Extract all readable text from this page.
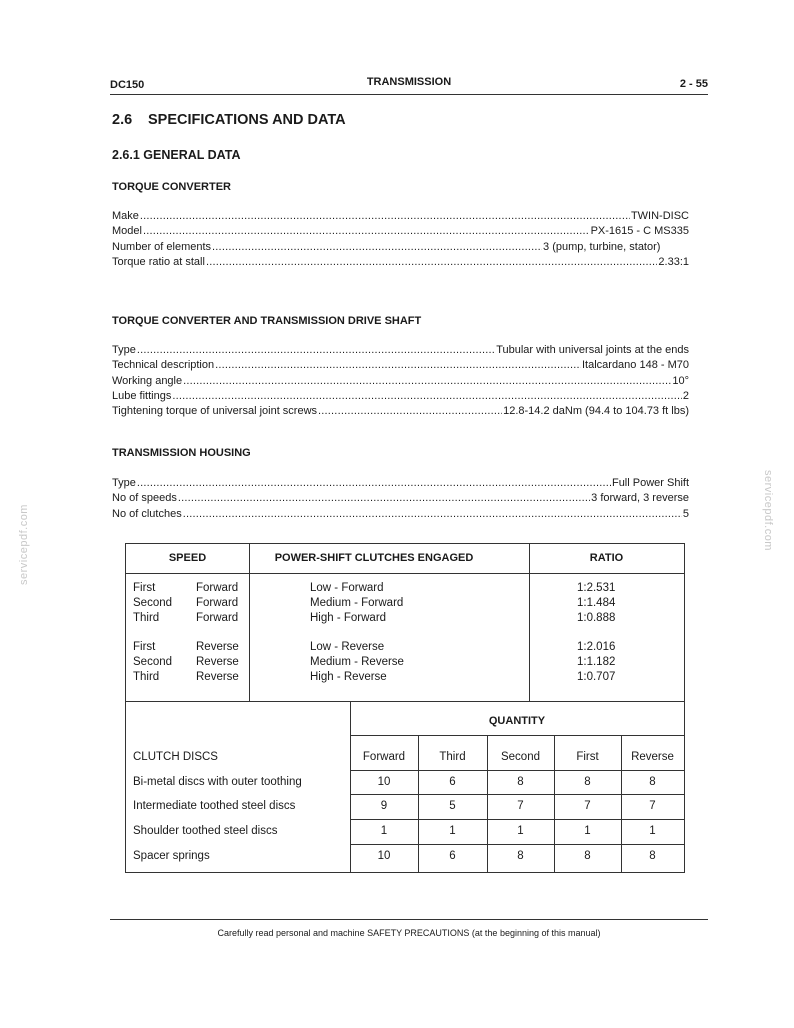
DC150	TRANSMISSION	2 - 55
2.6 SPECIFICATIONS AND DATA
2.6.1 GENERAL DATA
TORQUE CONVERTER
Make .....	TWIN-DISC
Model .....	PX-1615 - C MS335
Number of elements .....	3 (pump, turbine, stator)
Torque ratio at stall .....	2.33:1
TORQUE CONVERTER AND TRANSMISSION DRIVE SHAFT
Type .....	Tubular with universal joints at the ends
Technical description .....	Italcardano 148 - M70
Working angle .....	10°
Lube fittings .....	2
Tightening torque of universal joint screws .....	12.8-14.2 daNm (94.4 to 104.73 ft lbs)
TRANSMISSION HOUSING
Type .....	Full Power Shift
No of speeds .....	3 forward, 3 reverse
No of clutches .....	5
servicepdf.com	servicepdf.com
SPEED	POWER-SHIFT CLUTCHES ENGAGED	RATIO
First	Forward	Low - Forward	1:2.531
Second Forward	Medium - Forward	1:1.484
Third	Forward	High - Forward	1:0.888
First	Reverse	Low - Reverse	1:2.016
Second Reverse	Medium - Reverse	1:1.182
Third	Reverse	High - Reverse	1:0.707
QUANTITY
CLUTCH DISCS	Forward	Third	Second	First	Reverse
Bi-metal discs with outer toothing	10	6	8	8	8
Intermediate toothed steel discs	9	5	7	7	7
Shoulder toothed steel discs	1	1	1	1	1
Spacer springs	10	6	8	8	8
Carefully read personal and machine SAFETY PRECAUTIONS (at the beginning of this manual)
